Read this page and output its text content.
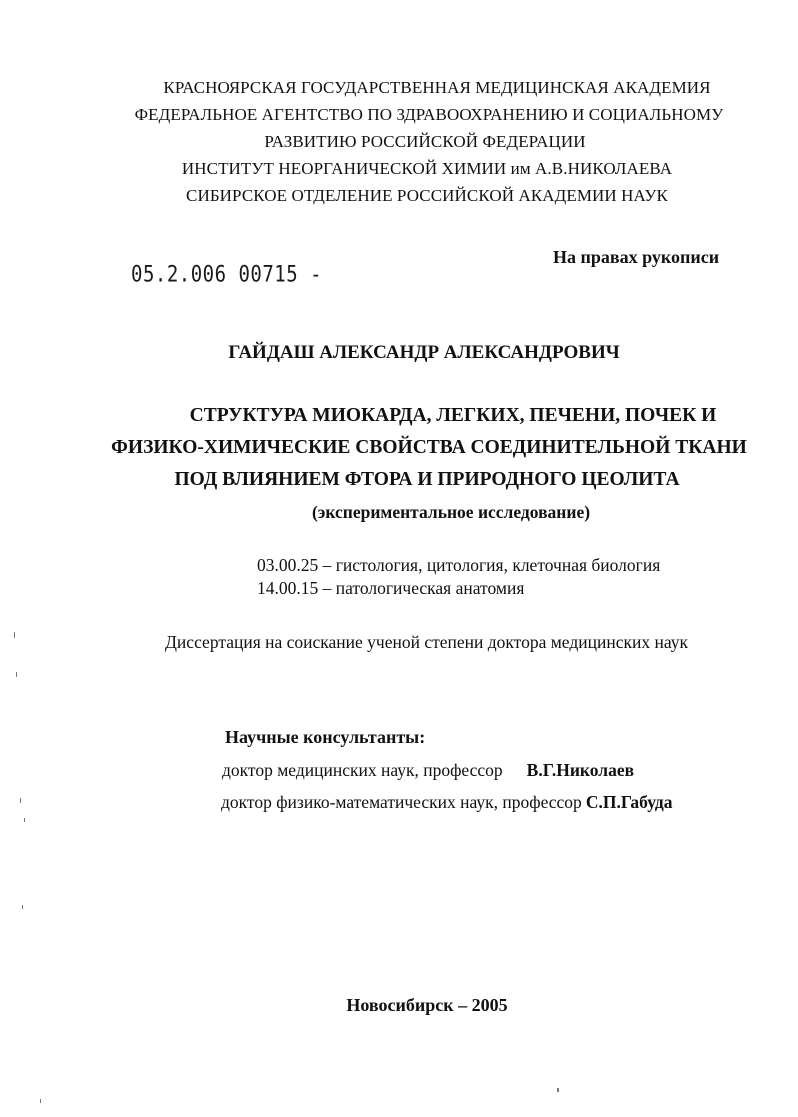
КРАСНОЯРСКАЯ ГОСУДАРСТВЕННАЯ МЕДИЦИНСКАЯ АКАДЕМИЯ
ФЕДЕРАЛЬНОЕ АГЕНТСТВО ПО ЗДРАВООХРАНЕНИЮ И СОЦИАЛЬНОМУ
РАЗВИТИЮ РОССИЙСКОЙ ФЕДЕРАЦИИ
ИНСТИТУТ НЕОРГАНИЧЕСКОЙ ХИМИИ им А.В.НИКОЛАЕВА
СИБИРСКОЕ ОТДЕЛЕНИЕ РОССИЙСКОЙ АКАДЕМИИ НАУК
05.2.006 00715 -
На правах рукописи
ГАЙДАШ АЛЕКСАНДР АЛЕКСАНДРОВИЧ
СТРУКТУРА МИОКАРДА, ЛЕГКИХ, ПЕЧЕНИ, ПОЧЕК И
ФИЗИКО-ХИМИЧЕСКИЕ СВОЙСТВА СОЕДИНИТЕЛЬНОЙ ТКАНИ
ПОД ВЛИЯНИЕМ ФТОРА И ПРИРОДНОГО ЦЕОЛИТА
(экспериментальное исследование)
03.00.25 – гистология, цитология, клеточная биология
14.00.15 – патологическая анатомия
Диссертация на соискание ученой степени доктора медицинских наук
Научные консультанты:
доктор медицинских наук, профессор В.Г.Николаев
доктор физико-математических наук, профессор С.П.Габуда
Новосибирск – 2005
